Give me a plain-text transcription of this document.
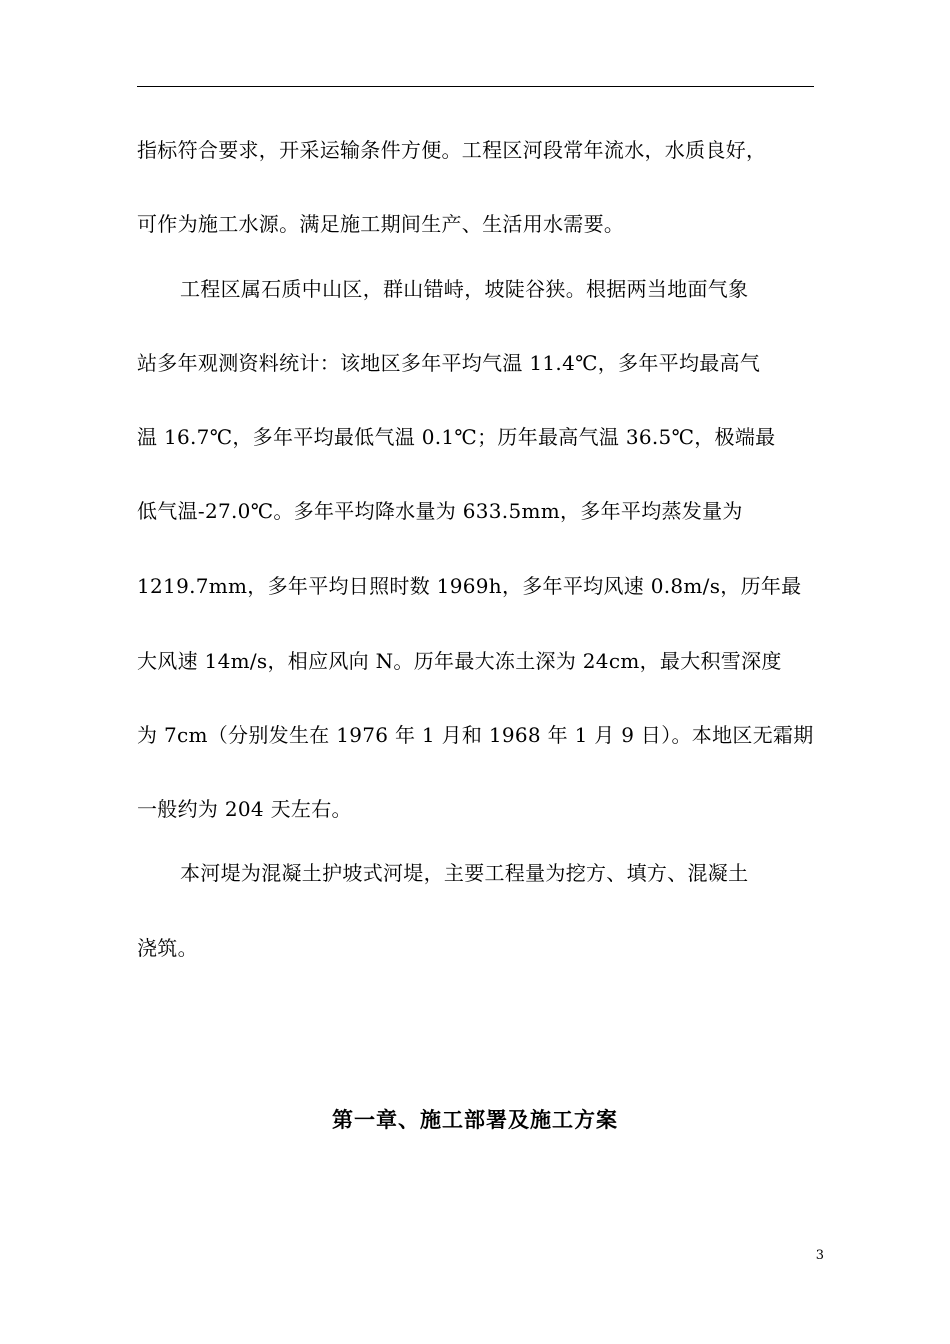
指标符合要求，开采运输条件方便。工程区河段常年流水，水质良好，
可作为施工水源。满足施工期间生产、生活用水需要。
工程区属石质中山区，群山错峙，坡陡谷狭。根据两当地面气象
站多年观测资料统计：该地区多年平均气温 11.4℃，多年平均最高气
温 16.7℃，多年平均最低气温 0.1℃；历年最高气温 36.5℃，极端最
低气温-27.0℃。多年平均降水量为 633.5mm，多年平均蒸发量为
1219.7mm，多年平均日照时数 1969h，多年平均风速 0.8m/s，历年最
大风速 14m/s，相应风向 N。历年最大冻土深为 24cm，最大积雪深度
为 7cm（分别发生在 1976 年 1 月和 1968 年 1 月 9 日）。本地区无霜期
一般约为 204 天左右。
本河堤为混凝土护坡式河堤，主要工程量为挖方、填方、混凝土
浇筑。
第一章、施工部署及施工方案
3
